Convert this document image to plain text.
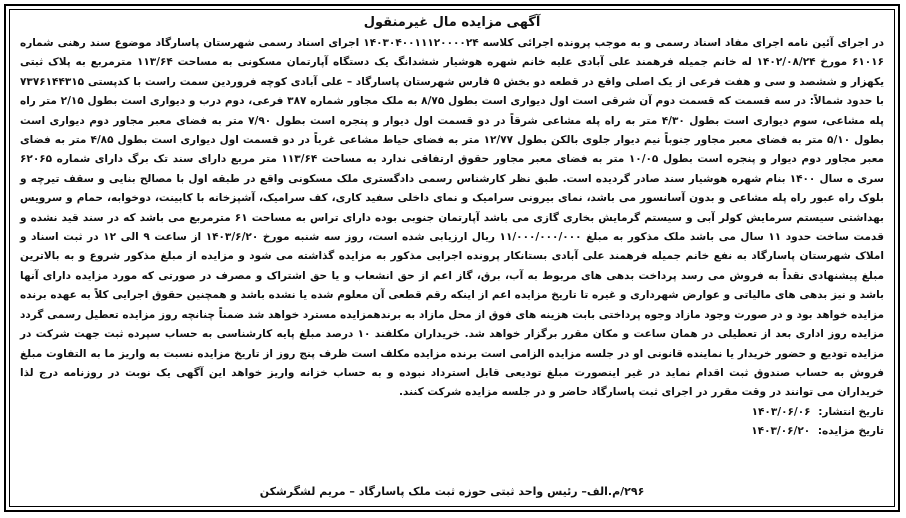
آگهی مزایده مال غیرمنقول

در اجرای آئین نامه اجرای مفاد اسناد رسمی و به موجب پرونده اجرائی کلاسه ۱۴۰۳۰۴۰۰۱۱۱۲۰۰۰۰۲۴ اجرای اسناد رسمی شهرستان پاسارگاد موضوع سند رهنی شماره ۶۱۰۱۶ مورخ ۱۴۰۲/۰۸/۲۴ له خانم جمیله فرهمند علی آبادی علیه خانم شهره هوشیار ششدانگ یک دستگاه آپارتمان مسکونی به مساحت ۱۱۳/۶۴ مترمربع به پلاک ثبتی یکهزار و ششصد و سی و هفت فرعی از یک اصلی واقع در قطعه دو بخش ۵ فارس شهرستان پاسارگاد – علی آبادی کوچه فروردین سمت راست با کدپستی ۷۳۷۶۱۴۴۳۱۵ با حدود شمالاً: در سه قسمت که قسمت دوم آن شرقی است اول دیواری است بطول ۸/۷۵ به ملک مجاور شماره ۳۸۷ فرعی، دوم درب و دیواری است بطول ۲/۱۵ متر راه پله مشاعی، سوم دیواری است بطول ۴/۳۰ متر به راه پله مشاعی شرقاً در دو قسمت اول دیوار و پنجره است بطول ۷/۹۰ متر به فضای معبر مجاور دوم دیواری است بطول ۵/۱۰ متر به فضای معبر مجاور جنوباً نیم دیوار جلوی بالکن بطول ۱۲/۷۷ متر به فضای حیاط مشاعی غرباً در دو قسمت اول دیواری است بطول ۴/۸۵ متر به فضای معبر مجاور دوم دیوار و پنجره است بطول ۱۰/۰۵ متر به فضای معبر مجاور حقوق ارتفاقی ندارد به مساحت ۱۱۳/۶۴ متر مربع دارای سند تک برگ دارای شماره ۶۲۰۶۵ سری ه سال ۱۴۰۰ بنام شهره هوشیار سند صادر گردیده است. طبق نظر کارشناس رسمی دادگستری ملک مسکونی واقع در طبقه اول با مصالح بنایی و سقف تیرچه و بلوک راه عبور راه پله مشاعی و بدون آسانسور می باشد، نمای بیرونی سرامیک و نمای داخلی سفید کاری، کف سرامیک، آشپزخانه با کابینت، دوخوابه، حمام و سرویس بهداشتی سیستم سرمایش کولر آبی و سیستم گرمایش بخاری گازی می باشد آپارتمان جنوبی بوده دارای تراس به مساحت ۶۱ مترمربع می باشد که در سند قید نشده و قدمت ساخت حدود ۱۱ سال می باشد ملک مذکور به مبلغ ۱۱/۰۰۰/۰۰۰/۰۰۰ ریال ارزیابی شده است، روز سه شنبه مورخ ۱۴۰۳/۶/۲۰ از ساعت ۹ الی ۱۲ در ثبت اسناد و املاک شهرستان پاسارگاد به نفع خانم جمیله فرهمند علی آبادی بستانکار پرونده اجرایی مذکور به مزایده گذاشته می شود و مزایده از مبلغ مذکور شروع و به بالاترین مبلغ پیشنهادی نقداً به فروش می رسد پرداخت بدهی های مربوط به آب، برق، گاز اعم از حق انشعاب و یا حق اشتراک و مصرف در صورتی که مورد مزایده دارای آنها باشد و نیز بدهی های مالیاتی و عوارض شهرداری و غیره تا تاریخ مزایده اعم از اینکه رقم قطعی آن معلوم شده یا نشده باشد و همچنین حقوق اجرایی کلاً به عهده برنده مزایده خواهد بود و در صورت وجود مازاد وجوه پرداختی بابت هزینه های فوق از محل مازاد به برندهمزایده مسترد خواهد شد ضمناً چنانچه روز مزایده تعطیل رسمی گردد مزایده روز اداری بعد از تعطیلی در همان ساعت و مکان مقرر برگزار خواهد شد. خریداران مکلفند ۱۰ درصد مبلغ پایه کارشناسی به حساب سپرده ثبت جهت شرکت در مزایده تودیع و حضور خریدار یا نماینده قانونی او در جلسه مزایده الزامی است برنده مزایده مکلف است ظرف پنج روز از تاریخ مزایده نسبت به واریز ما به التفاوت مبلغ فروش به حساب صندوق ثبت اقدام نماید در غیر اینصورت مبلغ تودیعی قابل استرداد نبوده و به حساب خزانه واریز خواهد این آگهی یک نوبت در روزنامه درج لذا خریداران می توانند در وقت مقرر در اجرای ثبت پاسارگاد حاضر و در جلسه مزایده شرکت کنند.

تاریخ انتشار: ۱۴۰۳/۰۶/۰۶
تاریخ مزایده: ۱۴۰۳/۰۶/۲۰
۲۹۶/م.الف– رئیس واحد ثبتی حوزه ثبت ملک پاسارگاد – مریم لشگرشکن
